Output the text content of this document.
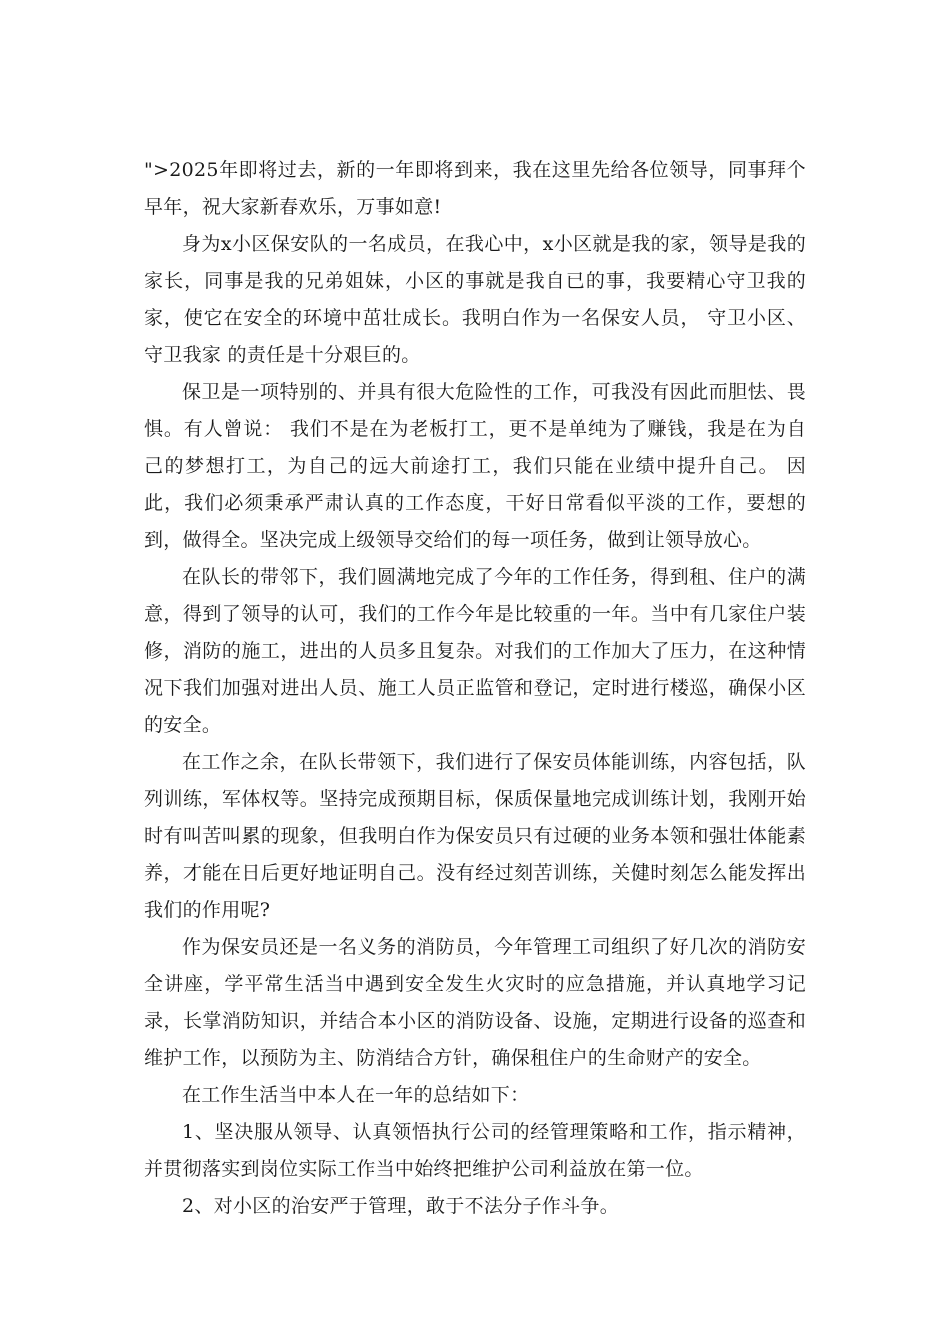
">2025年即将过去，新的一年即将到来，我在这里先给各位领导，同事拜个早年，祝大家新春欢乐，万事如意!

身为x小区保安队的一名成员，在我心中，x小区就是我的家，领导是我的家长，同事是我的兄弟姐妹，小区的事就是我自已的事，我要精心守卫我的家，使它在安全的环境中茁壮成长。我明白作为一名保安人员， 守卫小区、守卫我家 的责任是十分艰巨的。

保卫是一项特别的、并具有很大危险性的工作，可我没有因此而胆怯、畏惧。有人曾说： 我们不是在为老板打工，更不是单纯为了赚钱，我是在为自己的梦想打工，为自己的远大前途打工，我们只能在业绩中提升自己。 因此，我们必须秉承严肃认真的工作态度，干好日常看似平淡的工作，要想的到，做得全。坚决完成上级领导交给们的每一项任务，做到让领导放心。

在队长的带邻下，我们圆满地完成了今年的工作任务，得到租、住户的满意，得到了领导的认可，我们的工作今年是比较重的一年。当中有几家住户装修，消防的施工，进出的人员多且复杂。对我们的工作加大了压力，在这种情况下我们加强对进出人员、施工人员正监管和登记，定时进行楼巡，确保小区的安全。

在工作之余，在队长带领下，我们进行了保安员体能训练，内容包括，队列训练，军体权等。坚持完成预期目标，保质保量地完成训练计划，我刚开始时有叫苦叫累的现象，但我明白作为保安员只有过硬的业务本领和强壮体能素养，才能在日后更好地证明自己。没有经过刻苦训练，关健时刻怎么能发挥出我们的作用呢?

作为保安员还是一名义务的消防员，今年管理工司组织了好几次的消防安全讲座，学平常生活当中遇到安全发生火灾时的应急措施，并认真地学习记录，长掌消防知识，并结合本小区的消防设备、设施，定期进行设备的巡查和维护工作，以预防为主、防消结合方针，确保租住户的生命财产的安全。

在工作生活当中本人在一年的总结如下：

1、坚决服从领导、认真领悟执行公司的经管理策略和工作，指示精神，并贯彻落实到岗位实际工作当中始终把维护公司利益放在第一位。

2、对小区的治安严于管理，敢于不法分子作斗争。
